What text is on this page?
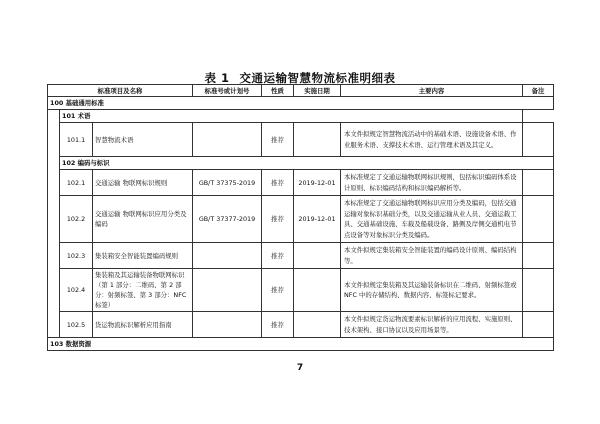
表 1 交通运输智慧物流标准明细表
标准项目及名称			标准号或计划号	性质	实施日期	主要内容	备注
100 基础通用标准							
	101 术语						
	101.1	智慧物流术语		推荐		本文件拟规定智慧物流活动中的基础术语、设施设备术语、作业服务术语、支撑技术术语、运行管理术语及其定义。	
	102 编码与标识						
	102.1	交通运输 物联网标识规则	GB/T 37375-2019	推荐	2019-12-01	本标准规定了交通运输物联网标识规则，包括标识编码体系设计原则、标识编码结构和标识编码解析等。	
	102.2	交通运输 物联网标识应用分类及编码	GB/T 37377-2019	推荐	2019-12-01	本标准规定了交通运输物联网标识应用分类及编码，包括交通运输对象标识基础分类，以及交通运输从业人员、交通运载工具、交通基础设施、车载及船载设备、路侧及岸侧交通机电节点设备等对象标识分类及编码。	
	102.3	集装箱安全智能装置编码规则		推荐		本文件拟规定集装箱安全智能装置的编码设计原则、编码结构等。	
	102.4	集装箱及其运输装备物联网标识（第 1 部分：二维码、第 2 部分：射频标签、第 3 部分：NFC 标签）		推荐		本文件拟规定集装箱及其运输装备标识在二维码、射频标签或 NFC 中的存储结构、数据内容、标签标记要求。	
	102.5	货运物流标识解析应用指南		推荐		本文件拟规定货运物流要素标识解析的应用流程、实施原则、技术架构、接口协议以及应用场景等。	
103 数据资源							
7
